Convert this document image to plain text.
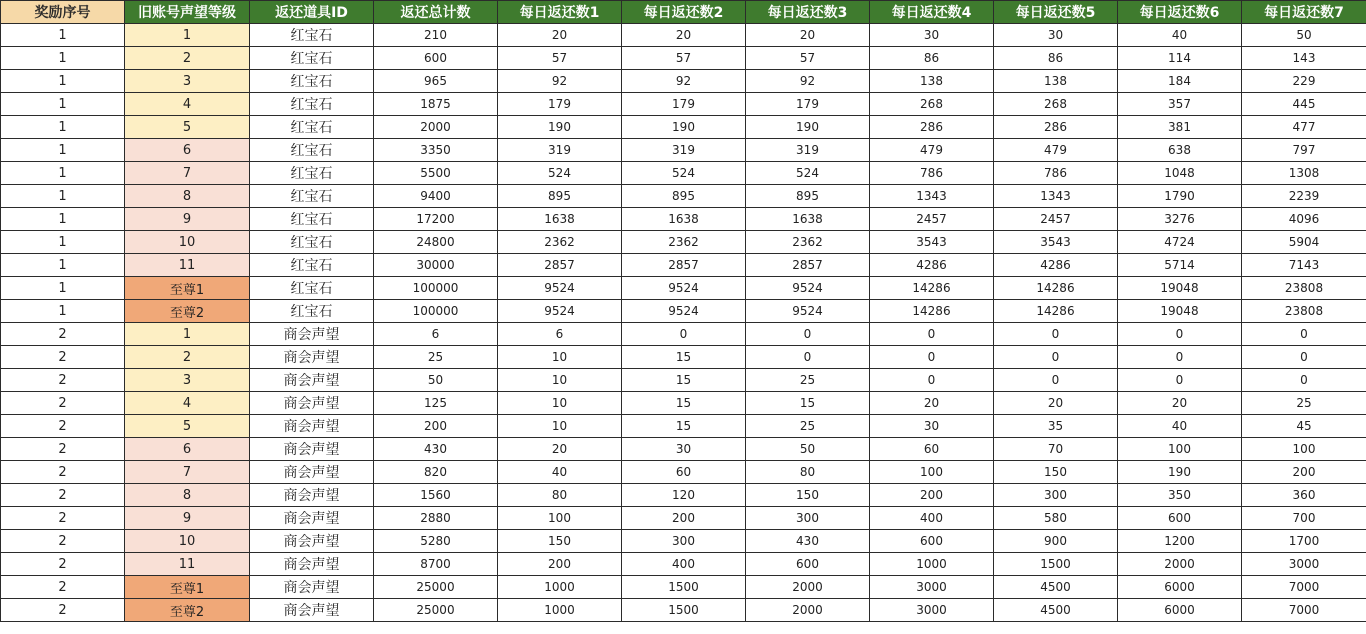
奖励序号	旧账号声望等级	返还道具ID	返还总计数	每日返还数1	每日返还数2	每日返还数3	每日返还数4	每日返还数5	每日返还数6	每日返还数7
1	1	红宝石	210	20	20	20	30	30	40	50
1	2	红宝石	600	57	57	57	86	86	114	143
1	3	红宝石	965	92	92	92	138	138	184	229
1	4	红宝石	1875	179	179	179	268	268	357	445
1	5	红宝石	2000	190	190	190	286	286	381	477
1	6	红宝石	3350	319	319	319	479	479	638	797
1	7	红宝石	5500	524	524	524	786	786	1048	1308
1	8	红宝石	9400	895	895	895	1343	1343	1790	2239
1	9	红宝石	17200	1638	1638	1638	2457	2457	3276	4096
1	10	红宝石	24800	2362	2362	2362	3543	3543	4724	5904
1	11	红宝石	30000	2857	2857	2857	4286	4286	5714	7143
1	至尊1	红宝石	100000	9524	9524	9524	14286	14286	19048	23808
1	至尊2	红宝石	100000	9524	9524	9524	14286	14286	19048	23808
2	1	商会声望	6	6	0	0	0	0	0	0
2	2	商会声望	25	10	15	0	0	0	0	0
2	3	商会声望	50	10	15	25	0	0	0	0
2	4	商会声望	125	10	15	15	20	20	20	25
2	5	商会声望	200	10	15	25	30	35	40	45
2	6	商会声望	430	20	30	50	60	70	100	100
2	7	商会声望	820	40	60	80	100	150	190	200
2	8	商会声望	1560	80	120	150	200	300	350	360
2	9	商会声望	2880	100	200	300	400	580	600	700
2	10	商会声望	5280	150	300	430	600	900	1200	1700
2	11	商会声望	8700	200	400	600	1000	1500	2000	3000
2	至尊1	商会声望	25000	1000	1500	2000	3000	4500	6000	7000
2	至尊2	商会声望	25000	1000	1500	2000	3000	4500	6000	7000
